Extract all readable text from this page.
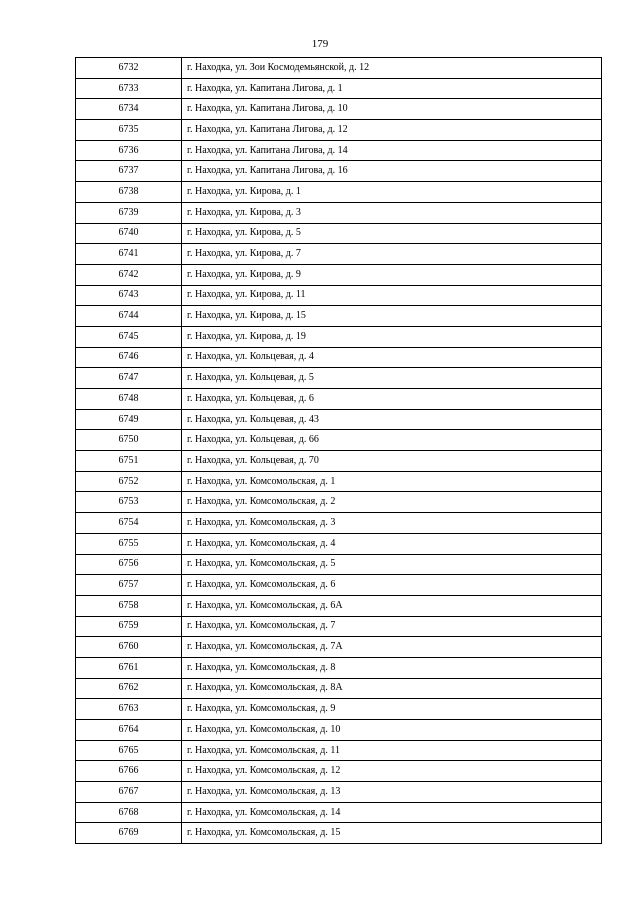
179
6732	г. Находка, ул. Зои Космодемьянской, д. 12
6733	г. Находка, ул. Капитана Лигова, д. 1
6734	г. Находка, ул. Капитана Лигова, д. 10
6735	г. Находка, ул. Капитана Лигова, д. 12
6736	г. Находка, ул. Капитана Лигова, д. 14
6737	г. Находка, ул. Капитана Лигова, д. 16
6738	г. Находка, ул. Кирова, д. 1
6739	г. Находка, ул. Кирова, д. 3
6740	г. Находка, ул. Кирова, д. 5
6741	г. Находка, ул. Кирова, д. 7
6742	г. Находка, ул. Кирова, д. 9
6743	г. Находка, ул. Кирова, д. 11
6744	г. Находка, ул. Кирова, д. 15
6745	г. Находка, ул. Кирова, д. 19
6746	г. Находка, ул. Кольцевая, д. 4
6747	г. Находка, ул. Кольцевая, д. 5
6748	г. Находка, ул. Кольцевая, д. 6
6749	г. Находка, ул. Кольцевая, д. 43
6750	г. Находка, ул. Кольцевая, д. 66
6751	г. Находка, ул. Кольцевая, д. 70
6752	г. Находка, ул. Комсомольская, д. 1
6753	г. Находка, ул. Комсомольская, д. 2
6754	г. Находка, ул. Комсомольская, д. 3
6755	г. Находка, ул. Комсомольская, д. 4
6756	г. Находка, ул. Комсомольская, д. 5
6757	г. Находка, ул. Комсомольская, д. 6
6758	г. Находка, ул. Комсомольская, д. 6А
6759	г. Находка, ул. Комсомольская, д. 7
6760	г. Находка, ул. Комсомольская, д. 7А
6761	г. Находка, ул. Комсомольская, д. 8
6762	г. Находка, ул. Комсомольская, д. 8А
6763	г. Находка, ул. Комсомольская, д. 9
6764	г. Находка, ул. Комсомольская, д. 10
6765	г. Находка, ул. Комсомольская, д. 11
6766	г. Находка, ул. Комсомольская, д. 12
6767	г. Находка, ул. Комсомольская, д. 13
6768	г. Находка, ул. Комсомольская, д. 14
6769	г. Находка, ул. Комсомольская, д. 15
